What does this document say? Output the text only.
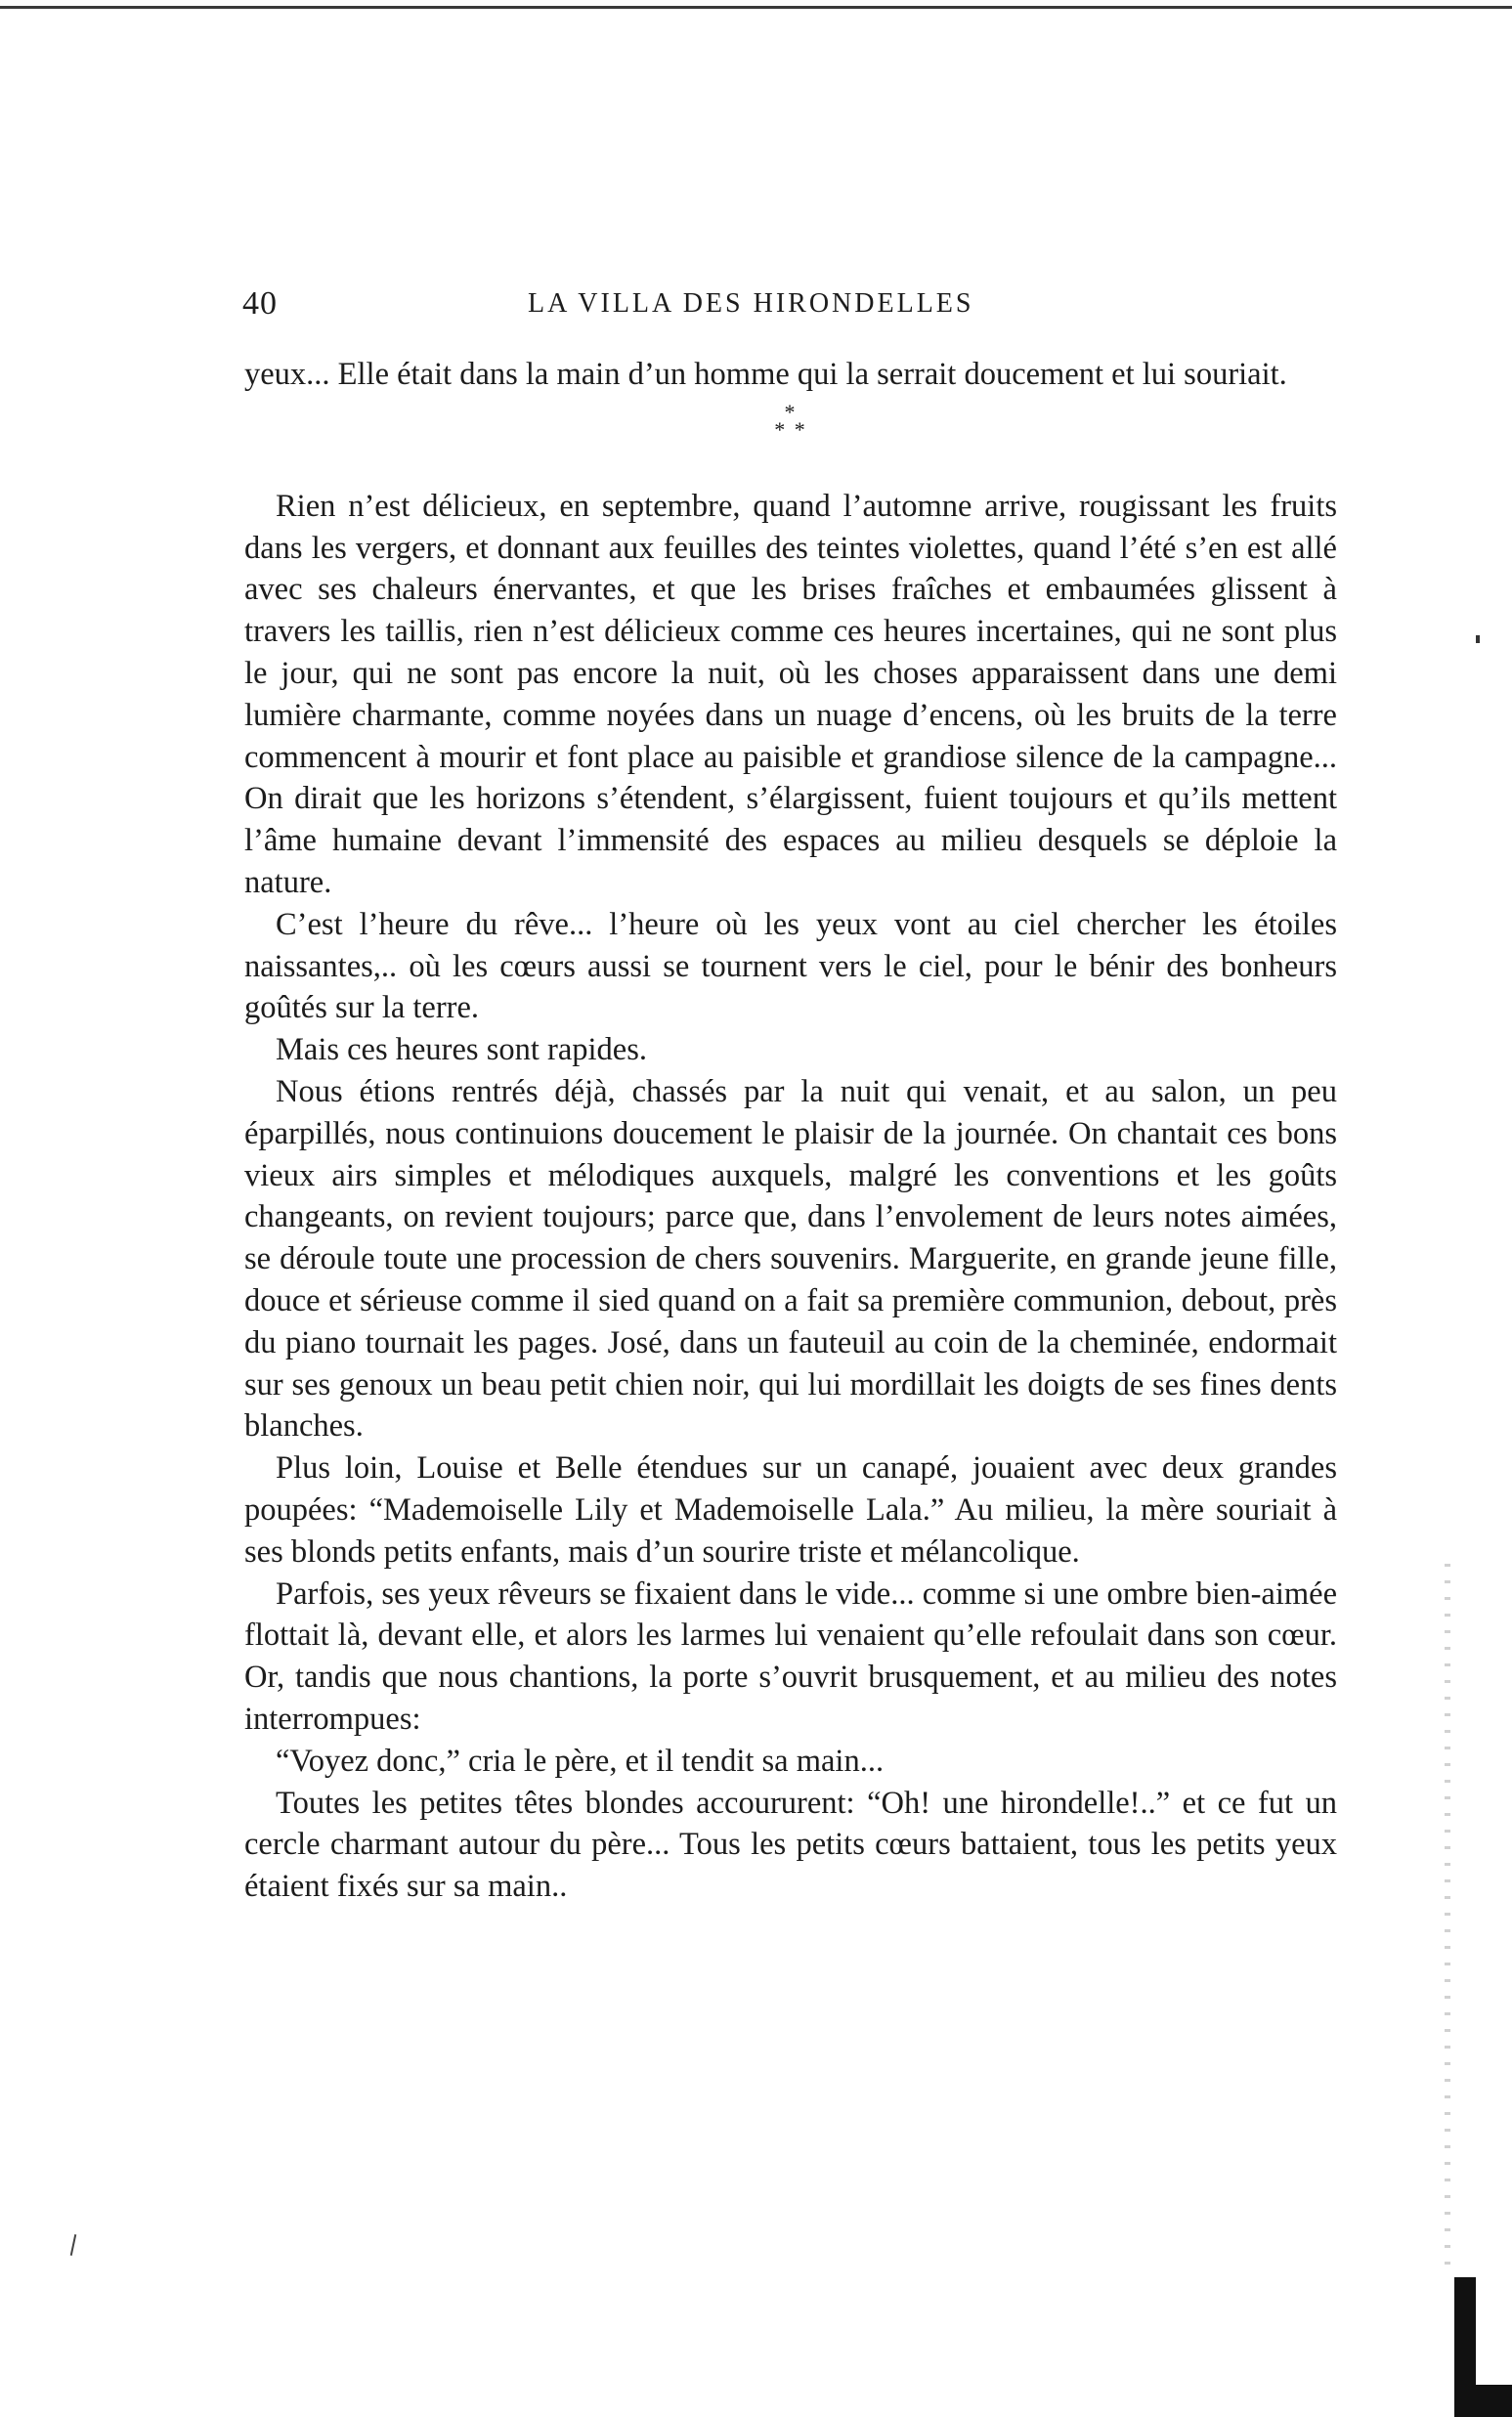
40	LA VILLA DES HIRONDELLES

yeux... Elle était dans la main d’un homme qui la serrait doucement et lui souriait.

*
* *

Rien n’est délicieux, en septembre, quand l’automne arrive, rougissant les fruits dans les vergers, et donnant aux feuilles des teintes violettes, quand l’été s’en est allé avec ses chaleurs énervantes, et que les brises fraîches et embaumées glissent à travers les taillis, rien n’est délicieux comme ces heures incertaines, qui ne sont plus le jour, qui ne sont pas encore la nuit, où les choses apparaissent dans une demi lumière charmante, comme noyées dans un nuage d’encens, où les bruits de la terre commencent à mourir et font place au paisible et grandiose silence de la campagne... On dirait que les horizons s’étendent, s’élargissent, fuient toujours et qu’ils mettent l’âme humaine devant l’immensité des espaces au milieu desquels se déploie la nature.

C’est l’heure du rêve... l’heure où les yeux vont au ciel chercher les étoiles naissantes,.. où les cœurs aussi se tournent vers le ciel, pour le bénir des bonheurs goûtés sur la terre.

Mais ces heures sont rapides.

Nous étions rentrés déjà, chassés par la nuit qui venait, et au salon, un peu éparpillés, nous continuions doucement le plaisir de la journée. On chantait ces bons vieux airs simples et mélodiques auxquels, malgré les conventions et les goûts changeants, on revient toujours; parce que, dans l’envolement de leurs notes aimées, se déroule toute une procession de chers souvenirs. Marguerite, en grande jeune fille, douce et sérieuse comme il sied quand on a fait sa première communion, debout, près du piano tournait les pages. José, dans un fauteuil au coin de la cheminée, endormait sur ses genoux un beau petit chien noir, qui lui mordillait les doigts de ses fines dents blanches.

Plus loin, Louise et Belle étendues sur un canapé, jouaient avec deux grandes poupées: “Mademoiselle Lily et Mademoiselle Lala.” Au milieu, la mère souriait à ses blonds petits enfants, mais d’un sourire triste et mélancolique.

Parfois, ses yeux rêveurs se fixaient dans le vide... comme si une ombre bien-aimée flottait là, devant elle, et alors les larmes lui venaient qu’elle refoulait dans son cœur. Or, tandis que nous chantions, la porte s’ouvrit brusquement, et au milieu des notes interrompues:

“Voyez donc,” cria le père, et il tendit sa main...

Toutes les petites têtes blondes accoururent: “Oh! une hirondelle!..” et ce fut un cercle charmant autour du père... Tous les petits cœurs battaient, tous les petits yeux étaient fixés sur sa main..
